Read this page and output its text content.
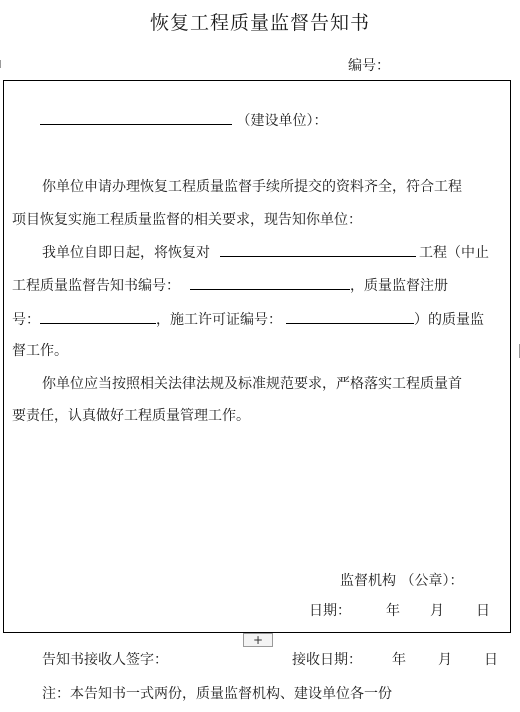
恢复工程质量监督告知书
编号：
（建设单位）：
你单位申请办理恢复工程质量监督手续所提交的资料齐全，符合工程
项目恢复实施工程质量监督的相关要求，现告知你单位：
我单位自即日起，将恢复对	工程（中止
工程质量监督告知书编号：	，质量监督注册
号：	，施工许可证编号：	）的质量监
督工作。
你单位应当按照相关法律法规及标准规范要求，严格落实工程质量首
要责任，认真做好工程质量管理工作。
监督机构 （公章）：
日期：	年 月 日
+
告知书接收人签字：	接收日期： 年 月 日
注：本告知书一式两份，质量监督机构、建设单位各一份
